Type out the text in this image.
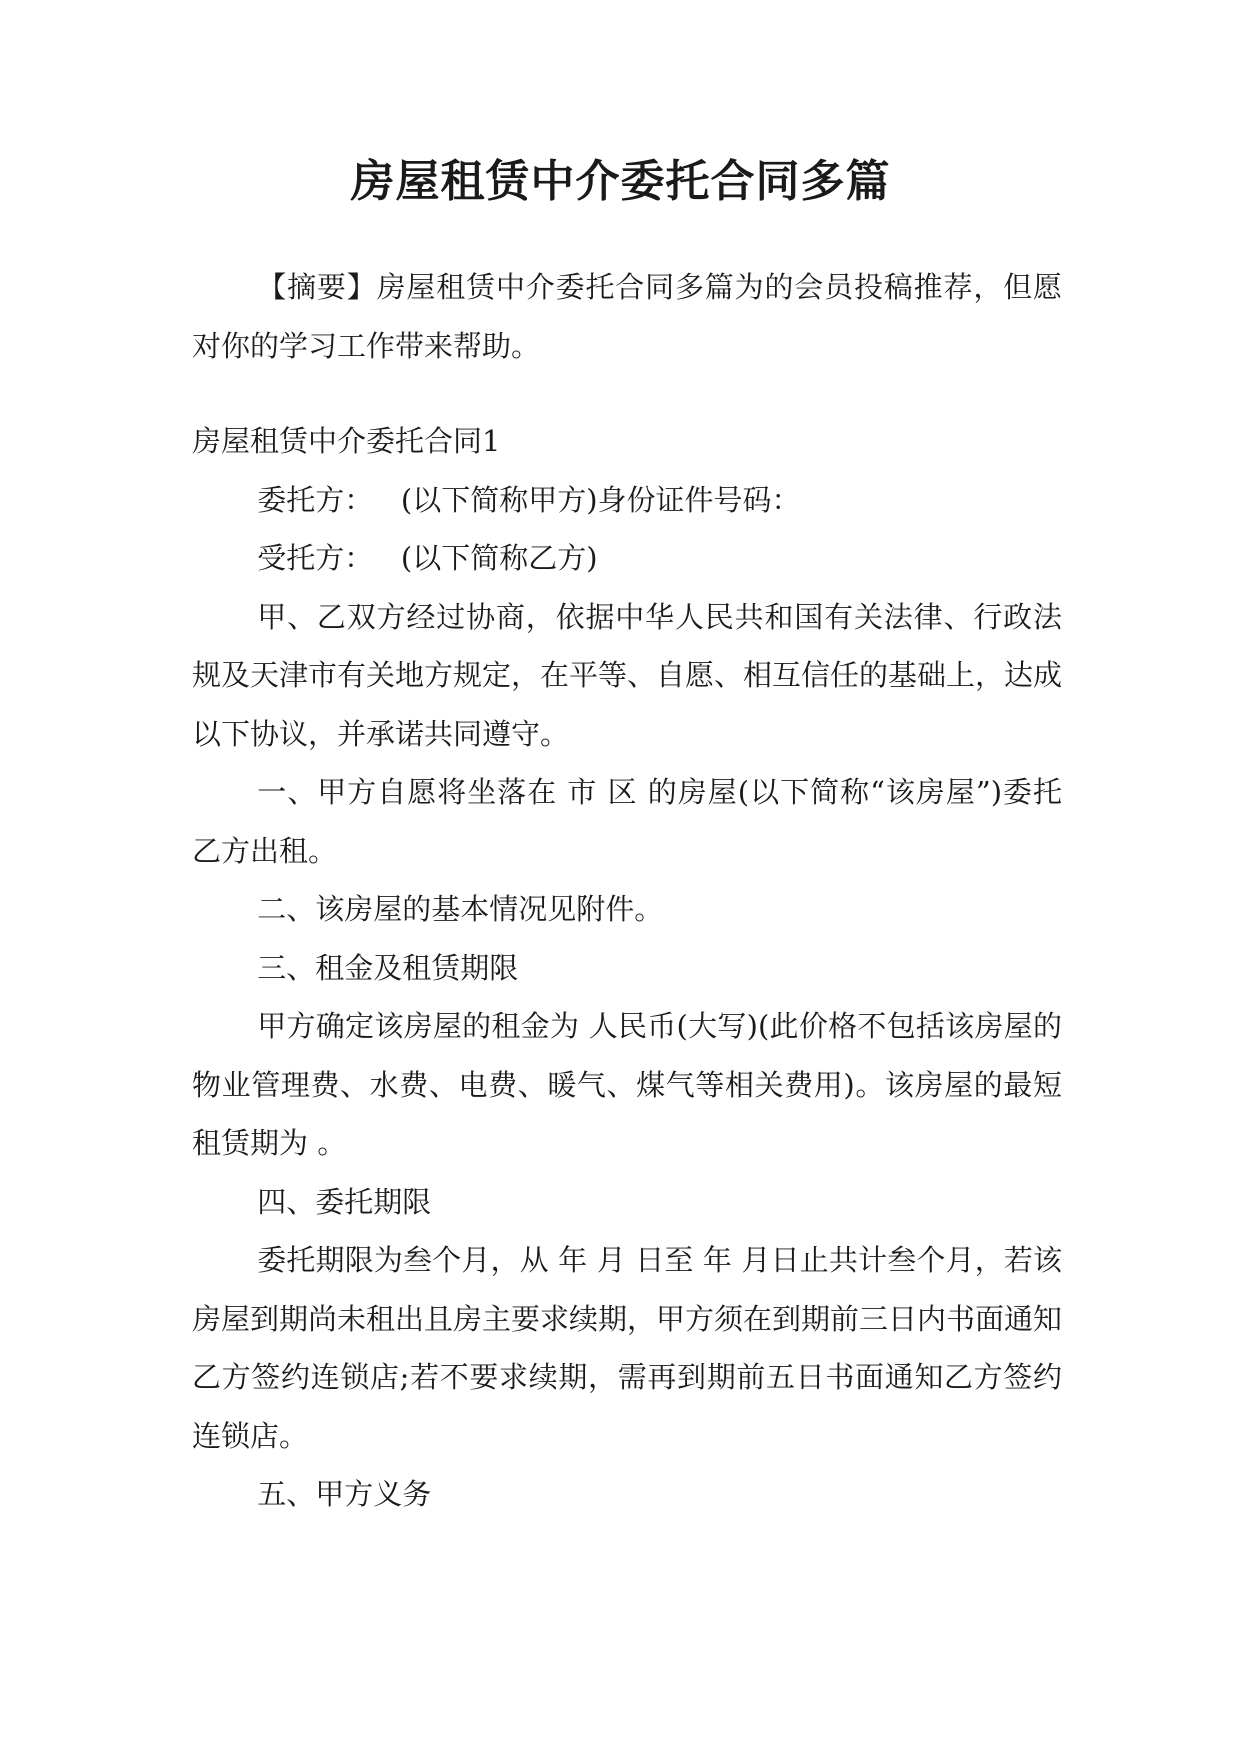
房屋租赁中介委托合同多篇

【摘要】房屋租赁中介委托合同多篇为的会员投稿推荐，但愿对你的学习工作带来帮助。

房屋租赁中介委托合同1

委托方：   (以下简称甲方)身份证件号码：

受托方：   (以下简称乙方)

甲、乙双方经过协商，依据中华人民共和国有关法律、行政法规及天津市有关地方规定，在平等、自愿、相互信任的基础上，达成以下协议，并承诺共同遵守。

一、甲方自愿将坐落在 市 区 的房屋(以下简称“该房屋”)委托乙方出租。

二、该房屋的基本情况见附件。

三、租金及租赁期限

甲方确定该房屋的租金为 人民币(大写)(此价格不包括该房屋的物业管理费、水费、电费、暖气、煤气等相关费用)。该房屋的最短租赁期为 。

四、委托期限

委托期限为叁个月，从 年 月 日至 年 月日止共计叁个月，若该房屋到期尚未租出且房主要求续期，甲方须在到期前三日内书面通知乙方签约连锁店;若不要求续期，需再到期前五日书面通知乙方签约连锁店。

五、甲方义务
